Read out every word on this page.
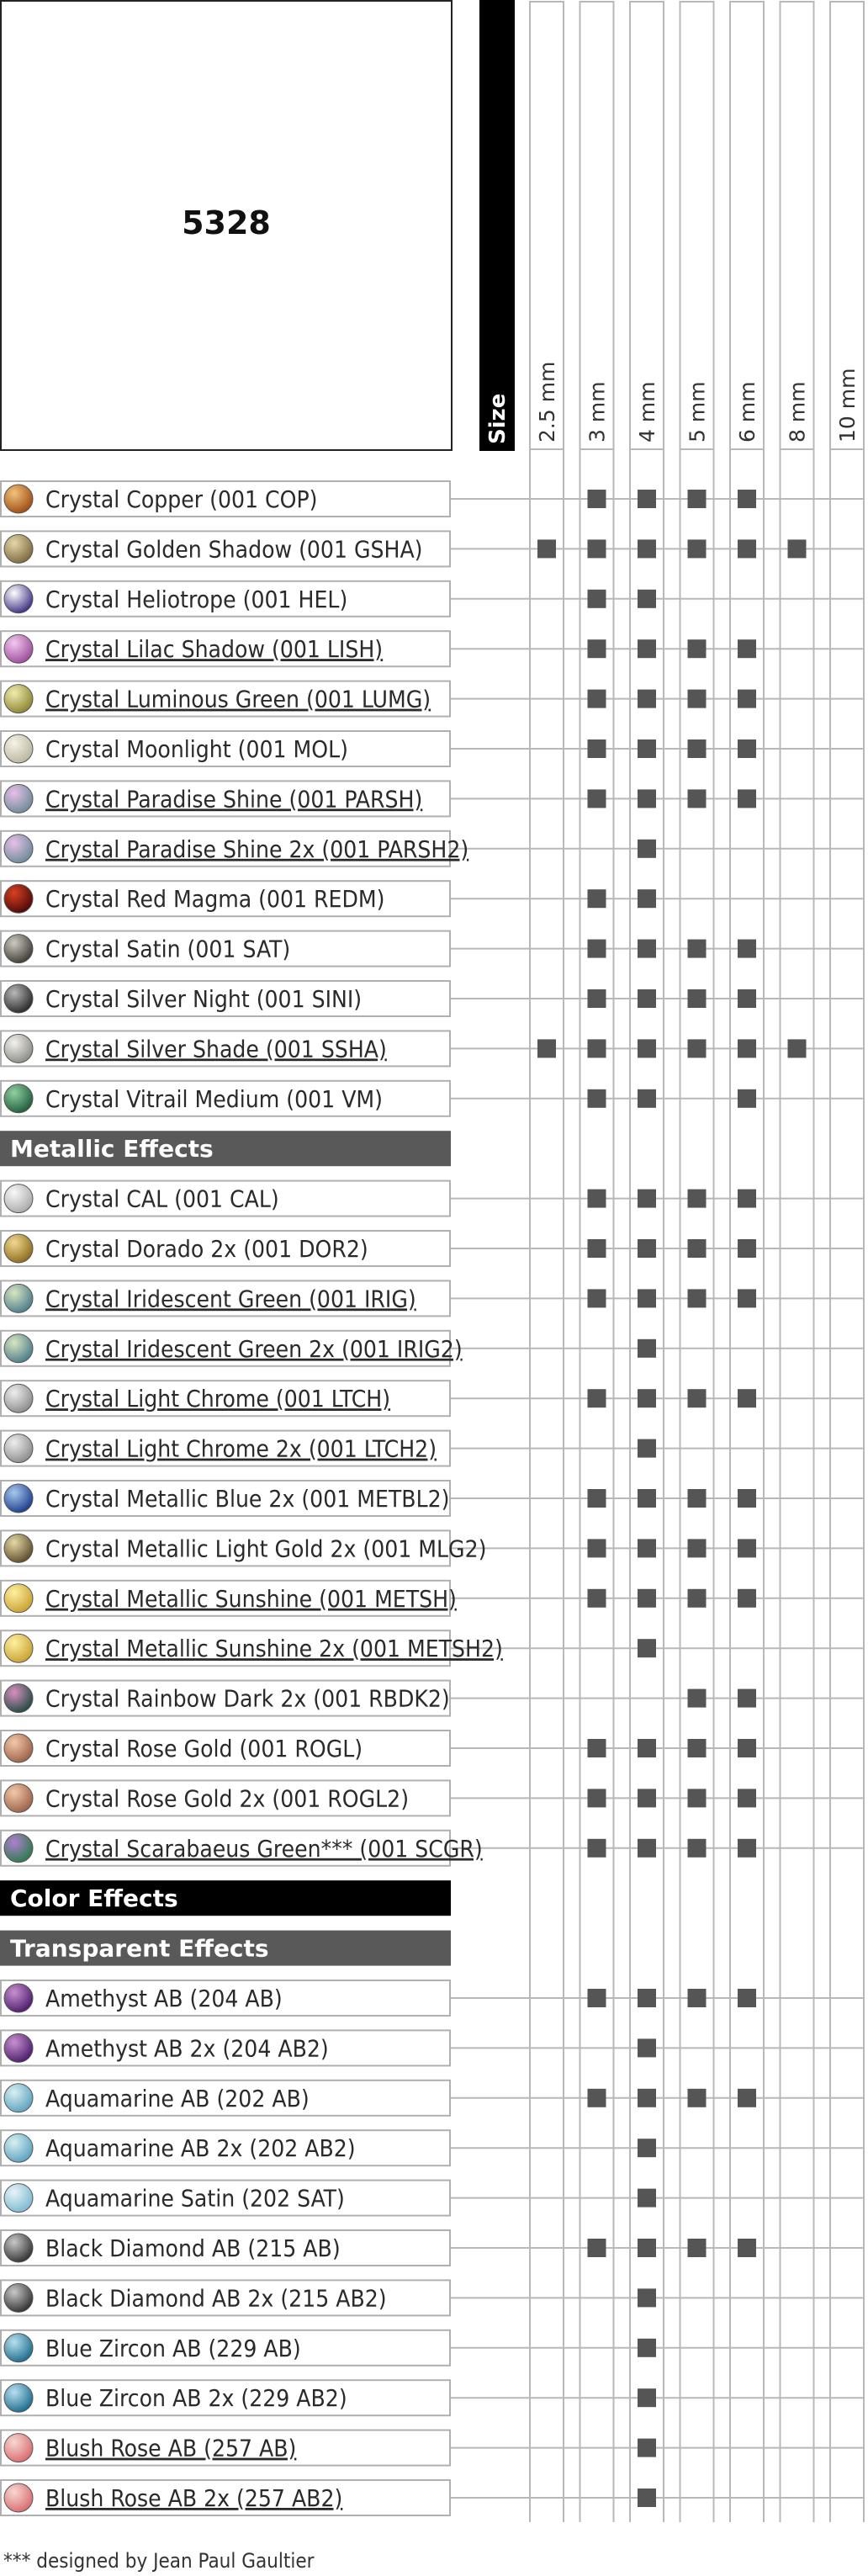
Size 2.5 mm 3 mm 4 mm 5 mm 6 mm 8 mm 10 mm
Crystal Copper (001 COP)
Crystal Golden Shadow (001 GSHA)
Crystal Heliotrope (001 HEL)
Crystal Lilac Shadow (001 LISH)
Crystal Luminous Green (001 LUMG)
Crystal Moonlight (001 MOL)
Crystal Paradise Shine (001 PARSH)
Crystal Paradise Shine 2x (001 PARSH2)
Crystal Red Magma (001 REDM)
Crystal Satin (001 SAT)
Crystal Silver Night (001 SINI)
Crystal Silver Shade (001 SSHA)
Crystal Vitrail Medium (001 VM)
Metallic Effects
Crystal CAL (001 CAL)
Crystal Dorado 2x (001 DOR2)
Crystal Iridescent Green (001 IRIG)
Crystal Iridescent Green 2x (001 IRIG2)
Crystal Light Chrome (001 LTCH)
Crystal Light Chrome 2x (001 LTCH2)
Crystal Metallic Blue 2x (001 METBL2)
Crystal Metallic Light Gold 2x (001 MLG2)
Crystal Metallic Sunshine (001 METSH)
Crystal Metallic Sunshine 2x (001 METSH2)
Crystal Rainbow Dark 2x (001 RBDK2)
Crystal Rose Gold (001 ROGL)
Crystal Rose Gold 2x (001 ROGL2)
Crystal Scarabaeus Green*** (001 SCGR)
Color Effects
Transparent Effects
Amethyst AB (204 AB)
Amethyst AB 2x (204 AB2)
Aquamarine AB (202 AB)
Aquamarine AB 2x (202 AB2)
Aquamarine Satin (202 SAT)
Black Diamond AB (215 AB)
Black Diamond AB 2x (215 AB2)
Blue Zircon AB (229 AB)
Blue Zircon AB 2x (229 AB2)
Blush Rose AB (257 AB)
Blush Rose AB 2x (257 AB2)
5328
*** designed by Jean Paul Gaultier
